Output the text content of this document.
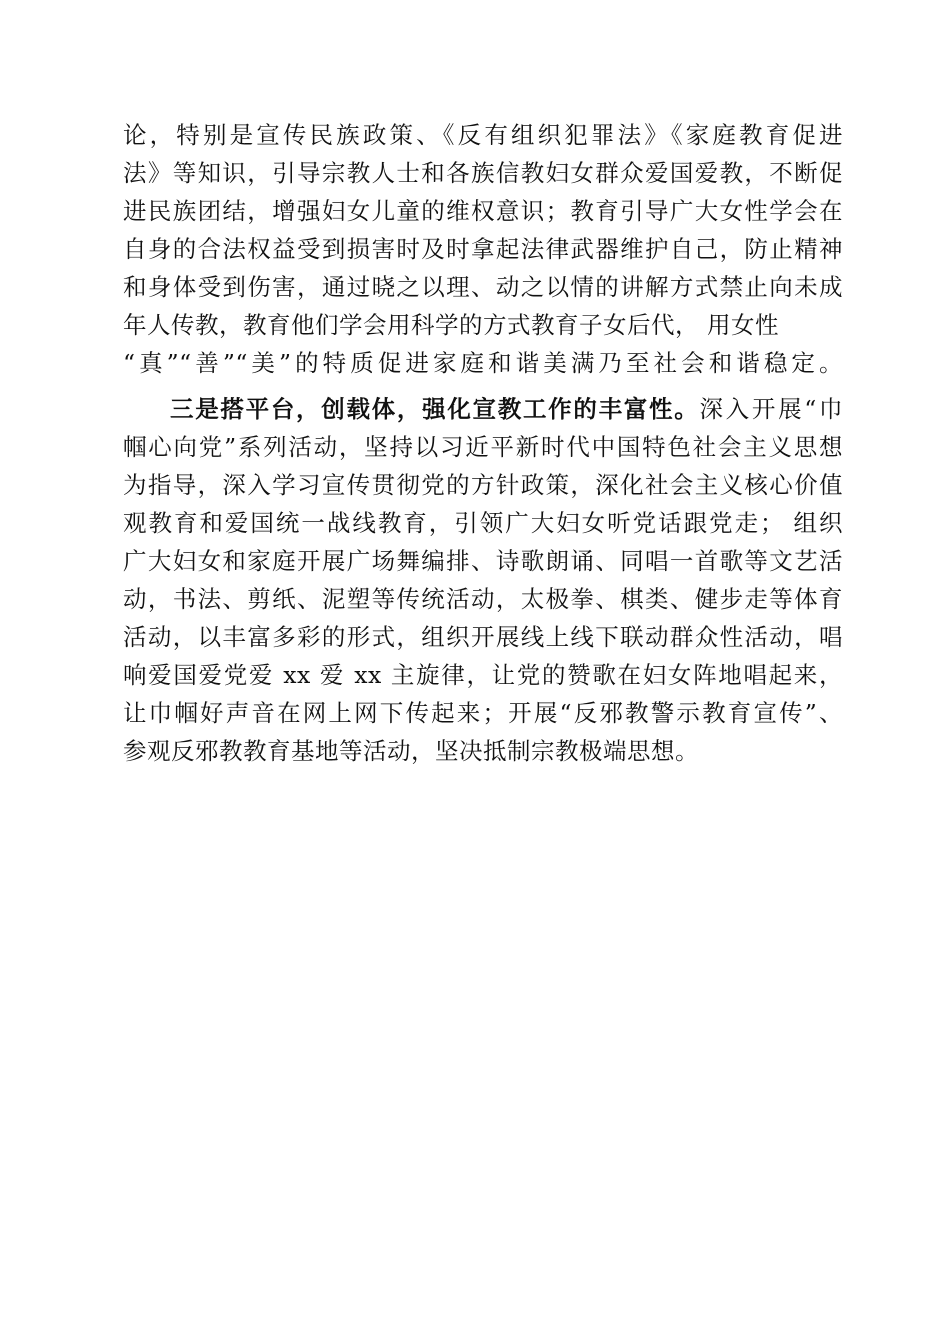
论，特别是宣传民族政策、《反有组织犯罪法》《家庭教育促进
法》等知识，引导宗教人士和各族信教妇女群众爱国爱教，不断促
进民族团结，增强妇女儿童的维权意识；教育引导广大女性学会在
自身的合法权益受到损害时及时拿起法律武器维护自己，防止精神
和身体受到伤害，通过晓之以理、动之以情的讲解方式禁止向未成
年人传教，教育他们学会用科学的方式教育子女后代， 用女性
“真”“善”“美”的特质促进家庭和谐美满乃至社会和谐稳定。
三是搭平台，创载体，强化宣教工作的丰富性。深入开展“巾
帼心向党”系列活动，坚持以习近平新时代中国特色社会主义思想
为指导，深入学习宣传贯彻党的方针政策，深化社会主义核心价值
观教育和爱国统一战线教育，引领广大妇女听党话跟党走； 组织
广大妇女和家庭开展广场舞编排、诗歌朗诵、同唱一首歌等文艺活
动，书法、剪纸、泥塑等传统活动，太极拳、棋类、健步走等体育
活动，以丰富多彩的形式，组织开展线上线下联动群众性活动，唱
响爱国爱党爱 xx 爱 xx 主旋律，让党的赞歌在妇女阵地唱起来，
让巾帼好声音在网上网下传起来；开展“反邪教警示教育宣传”、
参观反邪教教育基地等活动，坚决抵制宗教极端思想。
